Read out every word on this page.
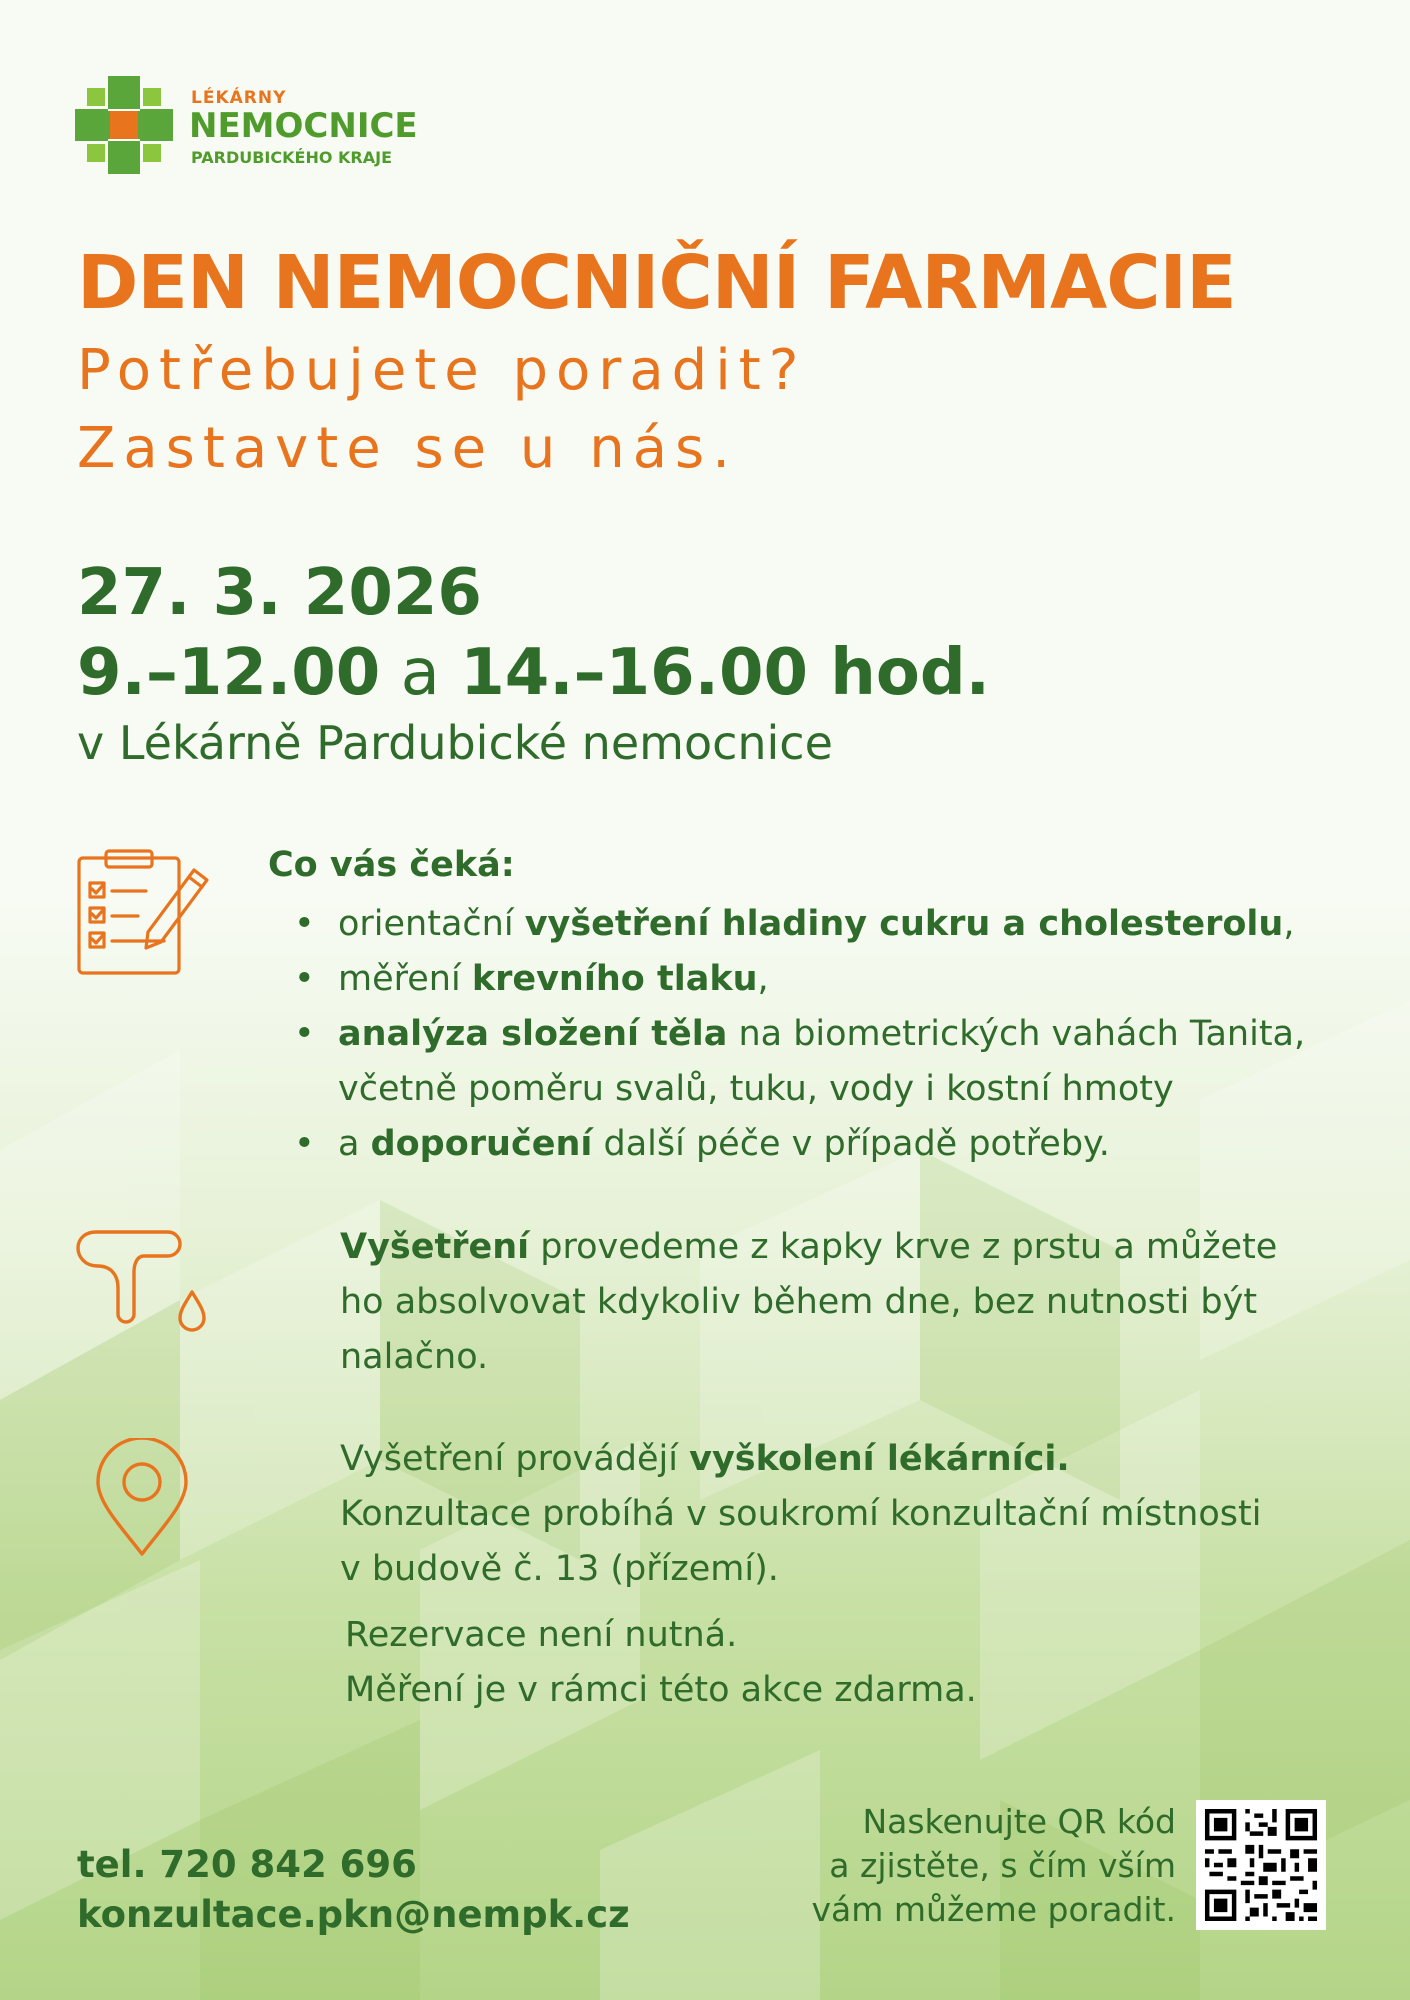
LÉKÁRNY
NEMOCNICE
PARDUBICKÉHO KRAJE
DEN NEMOCNIČNÍ FARMACIE
Potřebujete poradit?
Zastavte se u nás.
27. 3. 2026
9.–12.00 a 14.–16.00 hod.
v Lékárně Pardubické nemocnice
Co vás čeká:
• orientační vyšetření hladiny cukru a cholesterolu,
• měření krevního tlaku,
• analýza složení těla na biometrických vahách Tanita,
včetně poměru svalů, tuku, vody i kostní hmoty
• a doporučení další péče v případě potřeby.
Vyšetření provedeme z kapky krve z prstu a můžete
ho absolvovat kdykoliv během dne, bez nutnosti být
nalačno.
Vyšetření provádějí vyškolení lékárníci.
Konzultace probíhá v soukromí konzultační místnosti
v budově č. 13 (přízemí).
Rezervace není nutná.
Měření je v rámci této akce zdarma.
tel. 720 842 696
konzultace.pkn@nempk.cz
Naskenujte QR kód
a zjistěte, s čím vším
vám můžeme poradit.
